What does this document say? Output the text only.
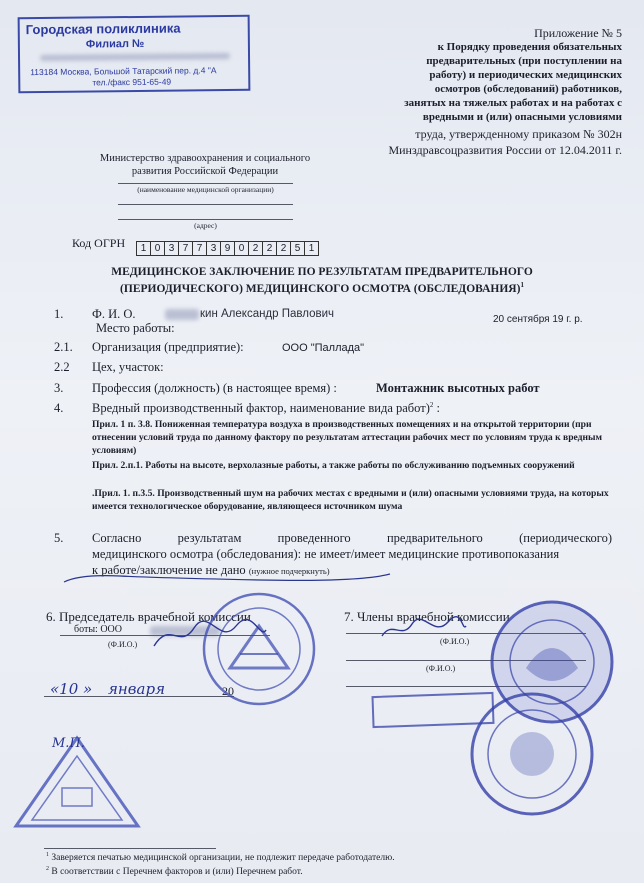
Городская поликлиника
Филиал №
113184 Москва, Большой Татарский пер. д.4 "А
тел./факс 951-65-49
Приложение № 5
к Порядку проведения обязательных
предварительных (при поступлении на
работу) и периодических медицинских
осмотров (обследований) работников,
занятых на тяжелых работах и на работах с
вредными и (или) опасными условиями
труда, утвержденному приказом № 302н
Минздравсоцразвития России от 12.04.2011 г.
Министерство здравоохранения и социального
развития Российской Федерации
(наименование медицинской организации)
(адрес)
Код ОГРН	1 0 3 7 7 3 9 0 2 2 2 5 1
МЕДИЦИНСКОЕ ЗАКЛЮЧЕНИЕ ПО РЕЗУЛЬТАТАМ ПРЕДВАРИТЕЛЬНОГО
(ПЕРИОДИЧЕСКОГО) МЕДИЦИНСКОГО ОСМОТРА (ОБСЛЕДОВАНИЯ)$^1$
1. Ф. И. О.	кин Александр Павлович	20 сентября 19 г. р.
Место работы:
2.1. Организация (предприятие):	ООО "Паллада"
2.2 Цех, участок:
3. Профессия (должность) (в настоящее время) :	Монтажник высотных работ
4. Вредный производственный фактор, наименование вида работ)$^2$ :
Прил. 1 п. 3.8. Пониженная температура воздуха в производственных помещениях и на открытой территории (при отнесении условий труда по данному фактору по результатам аттестации рабочих мест по условиям труда к вредным условиям)
Прил. 2.п.1. Работы на высоте, верхолазные работы, а также работы по обслуживанию подъемных сооружений
.Прил. 1. п.3.5. Производственный шум на рабочих местах с вредными и (или) опасными условиями труда, на которых имеется технологическое оборудование, являющееся источником шума
5. Согласно результатам проведенного предварительного (периодического)
медицинского осмотра (обследования): не имеет/имеет медицинские противопоказания
к работе/заключение не дано (нужное подчеркнуть)
6. Председатель врачебной комиссии
боты: ООО
(Ф.И.О.)
7. Члены врачебной комиссии
(Ф.И.О.)
(Ф.И.О.)
«10 » января	20
М.П.
$^1$ Заверяется печатью медицинской организации, не подлежит передаче работодателю.
$^2$ В соответствии с Перечнем факторов и (или) Перечнем работ.
